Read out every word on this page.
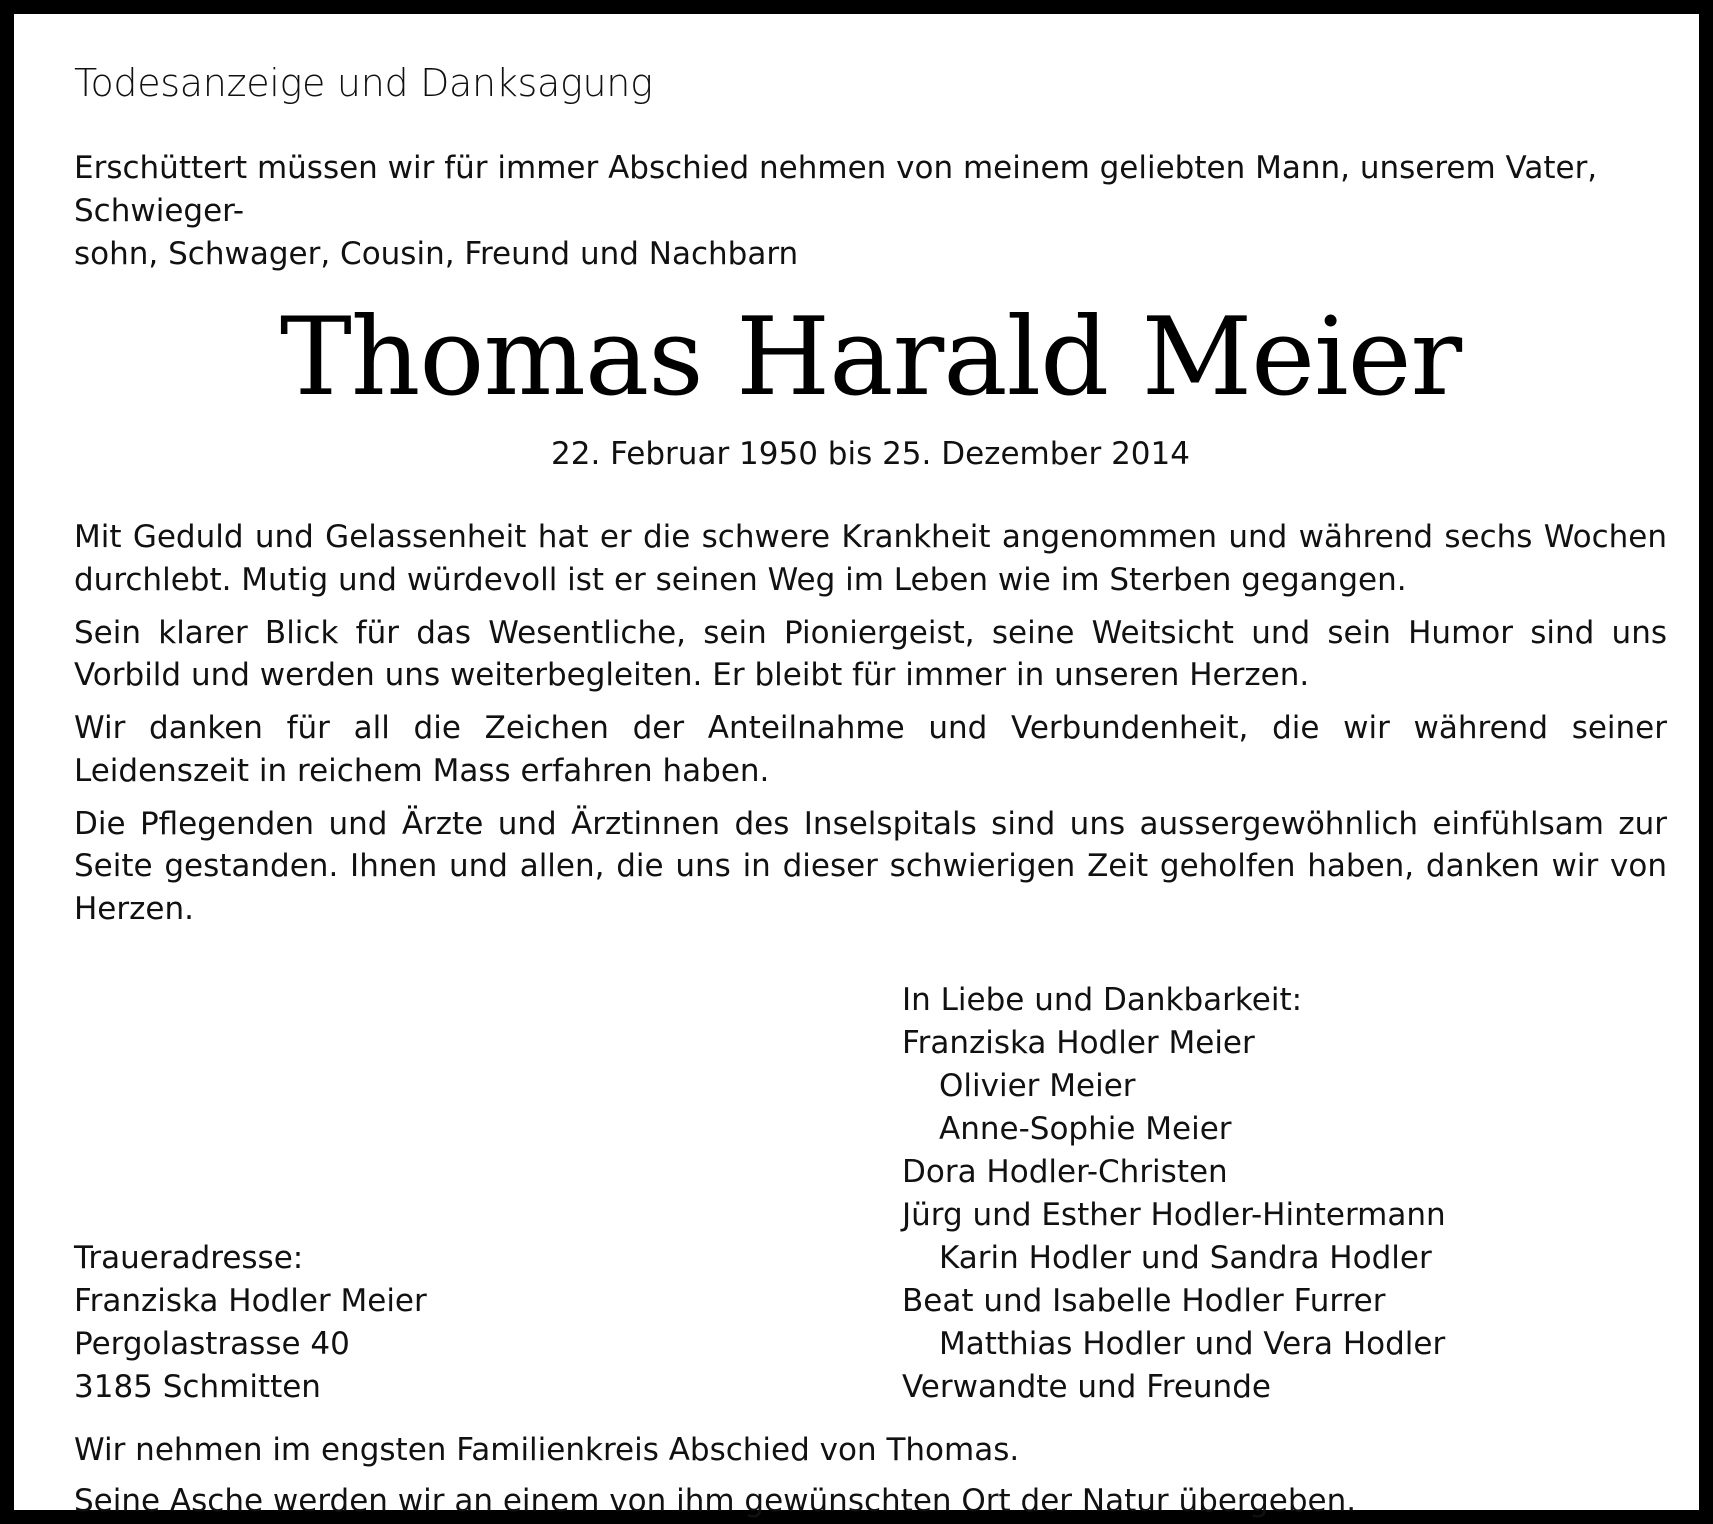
Todesanzeige und Danksagung

Erschüttert müssen wir für immer Abschied nehmen von meinem geliebten Mann, unserem Vater, Schwieger-
sohn, Schwager, Cousin, Freund und Nachbarn

Thomas Harald Meier
22. Februar 1950 bis 25. Dezember 2014

Mit Geduld und Gelassenheit hat er die schwere Krankheit angenommen und während sechs Wochen durchlebt. Mutig und würdevoll ist er seinen Weg im Leben wie im Sterben gegangen.

Sein klarer Blick für das Wesentliche, sein Pioniergeist, seine Weitsicht und sein Humor sind uns Vorbild und werden uns weiterbegleiten. Er bleibt für immer in unseren Herzen.

Wir danken für all die Zeichen der Anteilnahme und Verbundenheit, die wir während seiner Leidenszeit in reichem Mass erfahren haben.

Die Pflegenden und Ärzte und Ärztinnen des Inselspitals sind uns aussergewöhnlich einfühlsam zur Seite gestanden. Ihnen und allen, die uns in dieser schwierigen Zeit geholfen haben, danken wir von Herzen.

In Liebe und Dankbarkeit:
Franziska Hodler Meier
Olivier Meier
Anne-Sophie Meier
Dora Hodler-Christen
Jürg und Esther Hodler-Hintermann
Karin Hodler und Sandra Hodler
Beat und Isabelle Hodler Furrer
Matthias Hodler und Vera Hodler
Verwandte und Freunde
Traueradresse:
Franziska Hodler Meier
Pergolastrasse 40
3185 Schmitten

Wir nehmen im engsten Familienkreis Abschied von Thomas.

Seine Asche werden wir an einem von ihm gewünschten Ort der Natur übergeben.
